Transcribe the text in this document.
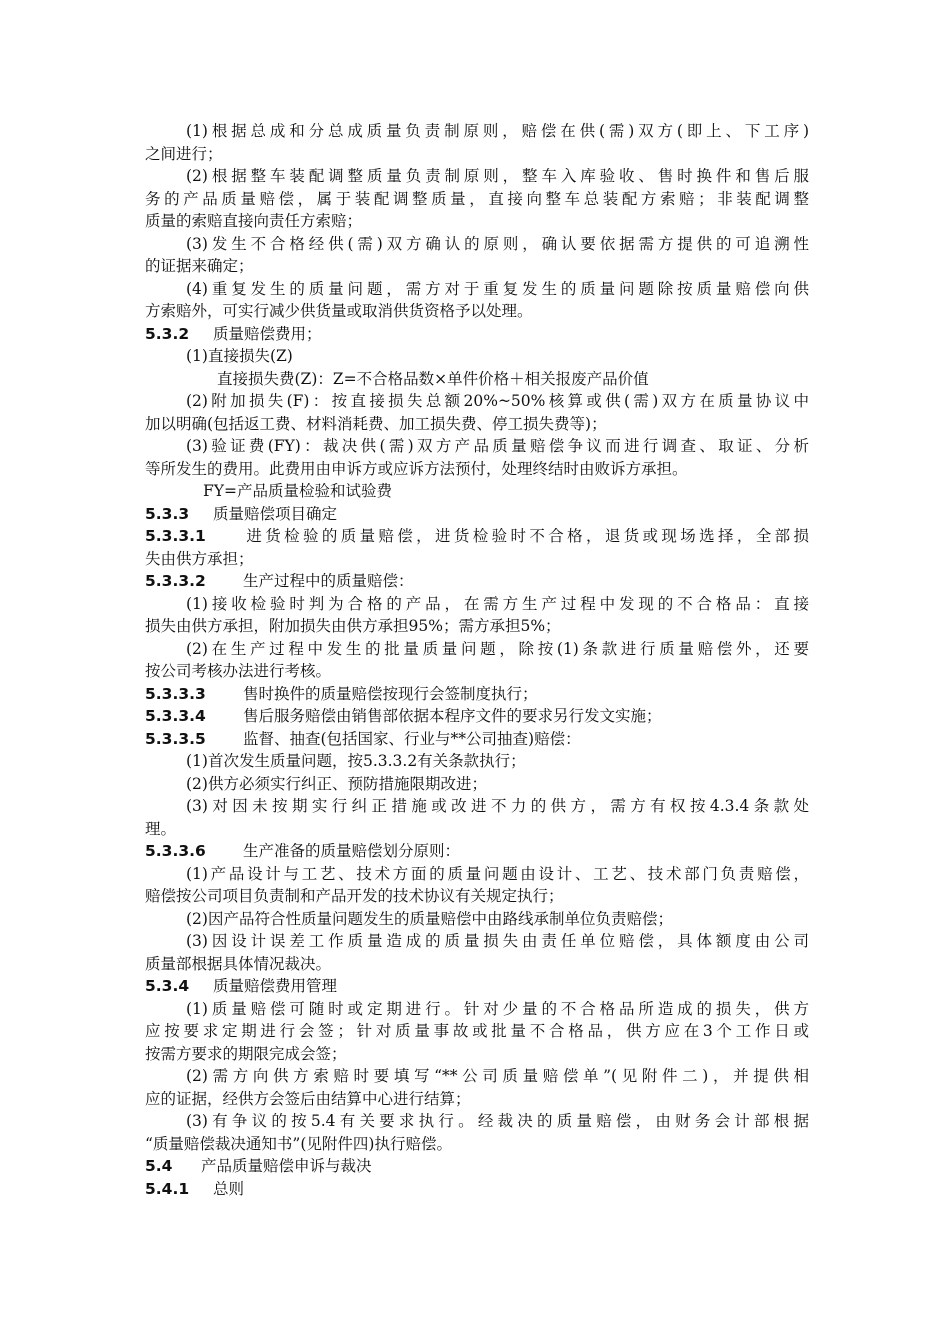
(1)根据总成和分总成质量负责制原则，赔偿在供(需)双方(即上、下工序)
之间进行；
(2)根据整车装配调整质量负责制原则，整车入库验收、售时换件和售后服
务的产品质量赔偿，属于装配调整质量，直接向整车总装配方索赔；非装配调整
质量的索赔直接向责任方索赔；
(3)发生不合格经供(需)双方确认的原则，确认要依据需方提供的可追溯性
的证据来确定；
(4)重复发生的质量问题，需方对于重复发生的质量问题除按质量赔偿向供
方索赔外，可实行减少供货量或取消供货资格予以处理。
5.3.2 质量赔偿费用；
(1)直接损失(Z)
直接损失费(Z)：Z=不合格品数×单件价格＋相关报废产品价值
(2)附加损失(F)：按直接损失总额20%~50%核算或供(需)双方在质量协议中
加以明确(包括返工费、材料消耗费、加工损失费、停工损失费等)；
(3)验证费(FY)：裁决供(需)双方产品质量赔偿争议而进行调查、取证、分析
等所发生的费用。此费用由申诉方或应诉方法预付，处理终结时由败诉方承担。
FY=产品质量检验和试验费
5.3.3 质量赔偿项目确定
5.3.3.1 进货检验的质量赔偿，进货检验时不合格，退货或现场选择，全部损
失由供方承担；
5.3.3.2 生产过程中的质量赔偿：
(1)接收检验时判为合格的产品，在需方生产过程中发现的不合格品：直接
损失由供方承担，附加损失由供方承担95%；需方承担5%；
(2)在生产过程中发生的批量质量问题，除按(1)条款进行质量赔偿外，还要
按公司考核办法进行考核。
5.3.3.3 售时换件的质量赔偿按现行会签制度执行；
5.3.3.4 售后服务赔偿由销售部依据本程序文件的要求另行发文实施；
5.3.3.5 监督、抽查(包括国家、行业与**公司抽查)赔偿：
(1)首次发生质量问题，按5.3.3.2有关条款执行；
(2)供方必须实行纠正、预防措施限期改进；
(3)对因未按期实行纠正措施或改进不力的供方，需方有权按4.3.4条款处
理。
5.3.3.6 生产准备的质量赔偿划分原则：
(1)产品设计与工艺、技术方面的质量问题由设计、工艺、技术部门负责赔偿，
赔偿按公司项目负责制和产品开发的技术协议有关规定执行；
(2)因产品符合性质量问题发生的质量赔偿中由路线承制单位负责赔偿；
(3)因设计误差工作质量造成的质量损失由责任单位赔偿，具体额度由公司
质量部根据具体情况裁决。
5.3.4 质量赔偿费用管理
(1)质量赔偿可随时或定期进行。针对少量的不合格品所造成的损失，供方
应按要求定期进行会签；针对质量事故或批量不合格品，供方应在3个工作日或
按需方要求的期限完成会签；
(2)需方向供方索赔时要填写“**公司质量赔偿单”(见附件二)，并提供相
应的证据，经供方会签后由结算中心进行结算；
(3)有争议的按5.4有关要求执行。经裁决的质量赔偿，由财务会计部根据
“质量赔偿裁决通知书”(见附件四)执行赔偿。
5.4 产品质量赔偿申诉与裁决
5.4.1 总则
